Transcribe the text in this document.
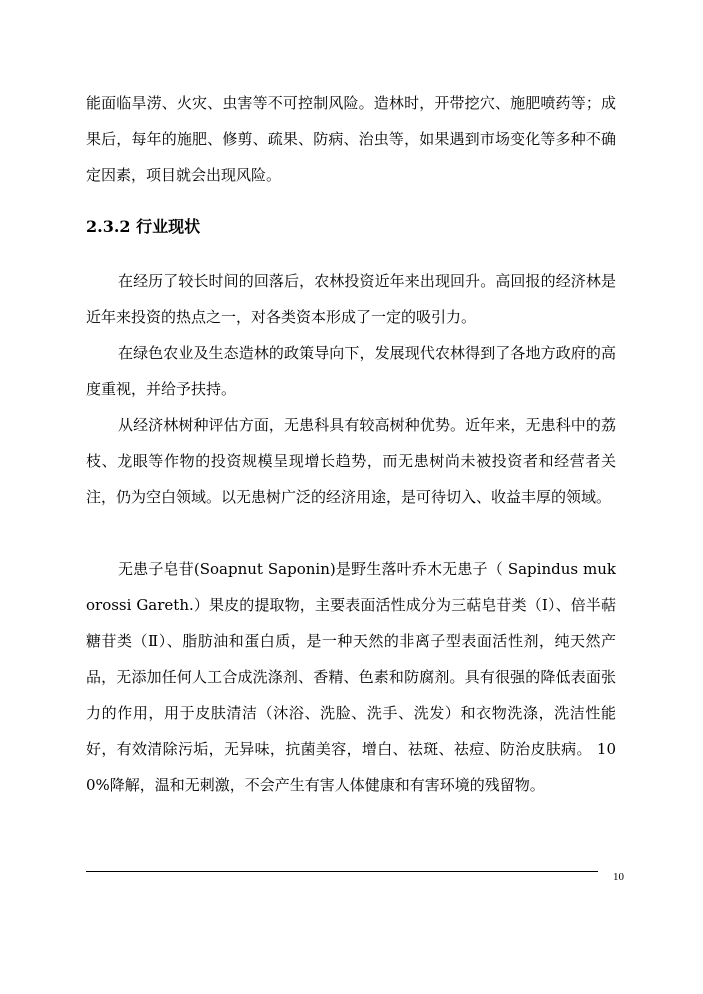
能面临旱涝、火灾、虫害等不可控制风险。造林时，开带挖穴、施肥喷药等；成果后，每年的施肥、修剪、疏果、防病、治虫等，如果遇到市场变化等多种不确定因素，项目就会出现风险。

2.3.2 行业现状

在经历了较长时间的回落后，农林投资近年来出现回升。高回报的经济林是近年来投资的热点之一，对各类资本形成了一定的吸引力。

在绿色农业及生态造林的政策导向下，发展现代农林得到了各地方政府的高度重视，并给予扶持。

从经济林树种评估方面，无患科具有较高树种优势。近年来，无患科中的荔枝、龙眼等作物的投资规模呈现增长趋势，而无患树尚未被投资者和经营者关注，仍为空白领域。以无患树广泛的经济用途，是可待切入、收益丰厚的领域。

无患子皂苷(Soapnut Saponin)是野生落叶乔木无患子（ Sapindus mukorossi Gareth.）果皮的提取物，主要表面活性成分为三萜皂苷类（Ⅰ）、倍半萜糖苷类（Ⅱ）、脂肪油和蛋白质，是一种天然的非离子型表面活性剂，纯天然产品，无添加任何人工合成洗涤剂、香精、色素和防腐剂。具有很强的降低表面张力的作用，用于皮肤清洁（沐浴、洗脸、洗手、洗发）和衣物洗涤，洗洁性能好，有效清除污垢，无异味，抗菌美容，增白、祛斑、祛痘、防治皮肤病。 100%降解，温和无刺激，不会产生有害人体健康和有害环境的残留物。

10
